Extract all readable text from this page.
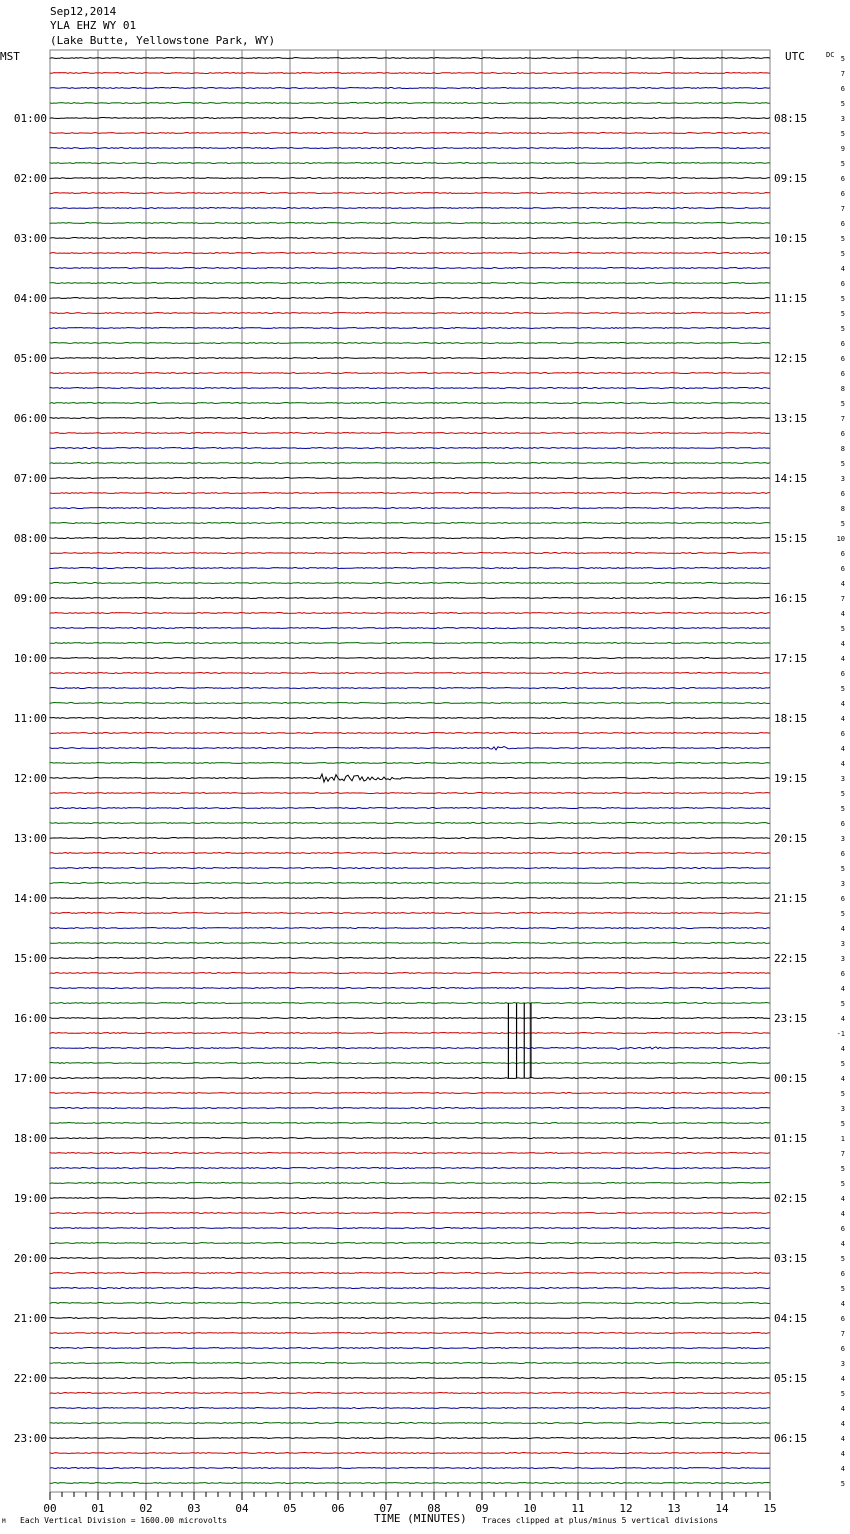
Sep12,2014
YLA EHZ WY 01
(Lake Butte, Yellowstone Park, WY)
MST	UTC	DC
01:00
02:00
03:00
04:00
05:00
06:00
07:00
08:00
09:00
10:00
11:00
12:00
13:00
14:00
15:00
16:00
17:00
18:00
19:00
20:00
21:00
22:00
23:00
08:15
09:15
10:15
11:15
12:15
13:15
14:15
15:15
16:15
17:15
18:15
19:15
20:15
21:15
22:15
23:15
00:15
01:15
02:15
03:15
04:15
05:15
06:15
5
7
6
5
3
5
9
5
6
6
7
6
5
5
4
6
5
5
5
6
6
6
8
5
7
6
8
5
3
6
8
5
10
6
6
4
7
4
5
4
4
6
5
4
4
6
4
4
3
5
5
6
3
6
5
3
6
5
4
3
3
6
4
5
4
-1
4
5
4
5
3
5
1
7
5
5
4
4
6
4
5
6
5
4
6
7
6
3
4
5
4
4
4
4
4
5
00	01	02	03	04	05	06	07	08	09	10	11	12	13	14	15
TIME (MINUTES)
Each Vertical Division = 1600.00 microvolts	Traces clipped at plus/minus 5 vertical divisions
M
